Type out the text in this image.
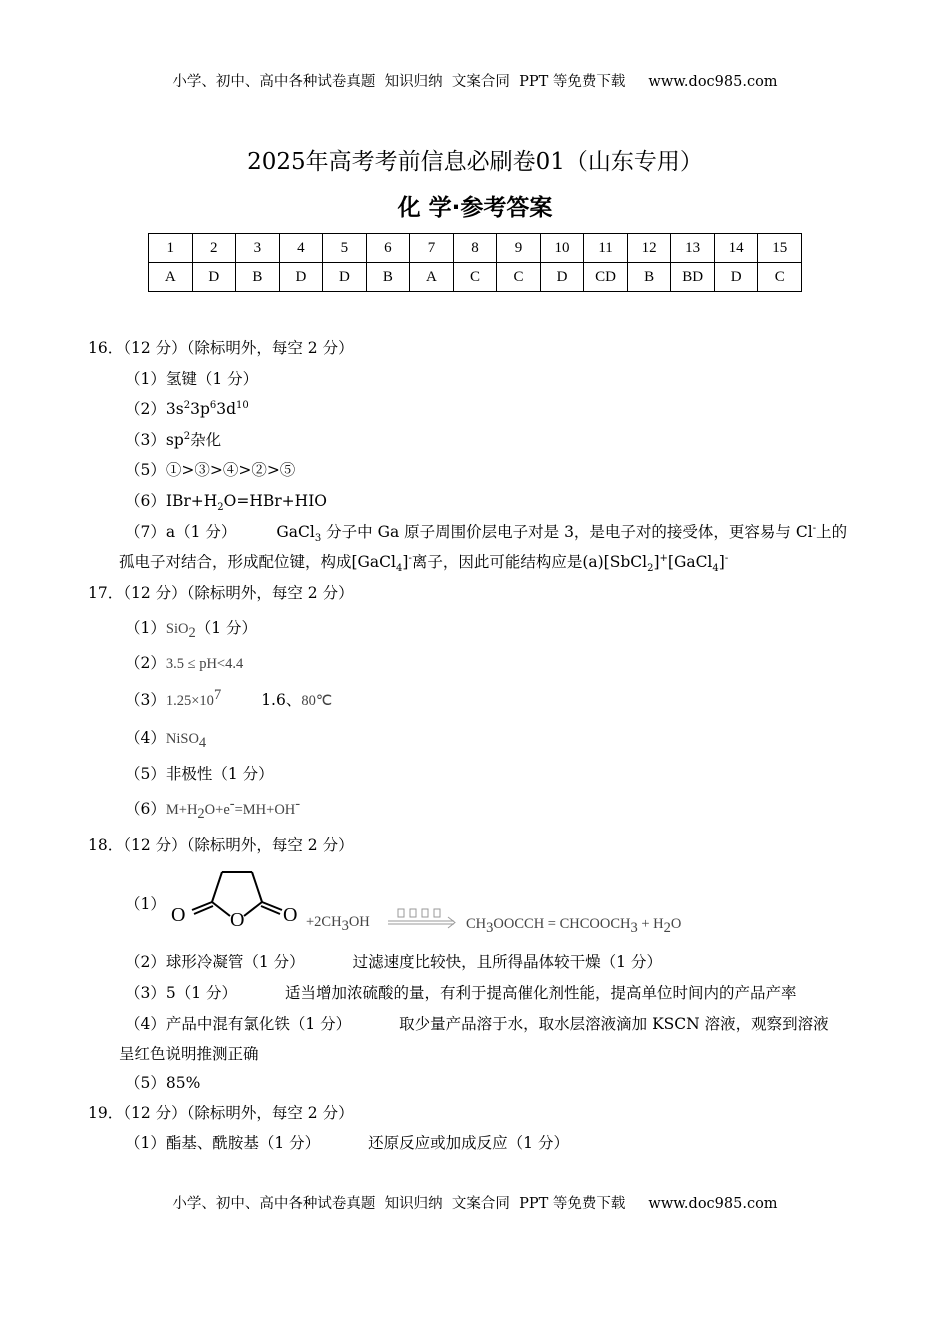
小学、初中、高中各种试卷真题  知识归纳  文案合同  PPT 等免费下载     www.doc985.com
2025年高考考前信息必刷卷01（山东专用）
化 学·参考答案
1	2	3	4	5	6	7	8	9	10	11	12	13	14	15
A	D	B	D	D	B	A	C	C	D	CD	B	BD	D	C
16．（12 分）（除标明外，每空 2 分）
（1）氢键（1 分）
$(2)3s^23p^63d^{10}$
$(3)sp^2$杂化
（5）①>③>④>②>⑤
$(6)IBr+H_2O=HBr+HIO$
（7）a（1 分）	GaCl$_3$ 分子中 Ga 原子周围价层电子对是 3，是电子对的接受体，更容易与 Cl-上的
孤电子对结合，形成配位键，构成[GaCl$_4$]-离子，因此可能结构应是(a)[SbCl$_2$]+[GaCl$_4$]-
17．（12 分）（除标明外，每空 2 分）
（1）SiO$_2$（1 分）
（2）3.5 ≤ pH<4.4
$(3)1.25\times 10^7$	1.6、80℃
（4）NiSO$_4$
（5）非极性（1 分）
$(6)M+H_2O+e^-=MH+OH^-$
18．（12 分）（除标明外，每空 2 分）
（1） O O $O +2CH_3OH$	$CH_3OOCCH$ = $CHCOOCH_3 + H_2O$
（2）球形冷凝管（1 分）	过滤速度比较快，且所得晶体较干燥（1 分）
（3）5（1 分）	适当增加浓硫酸的量，有利于提高催化剂性能，提高单位时间内的产品产率
（4）产品中混有氯化铁（1 分）	取少量产品溶于水，取水层溶液滴加 KSCN 溶液，观察到溶液
呈红色说明推测正确
（5）85%
19．（12 分）（除标明外，每空 2 分）
（1）酯基、酰胺基（1 分）	还原反应或加成反应（1 分）
小学、初中、高中各种试卷真题  知识归纳  文案合同  PPT 等免费下载     www.doc985.com
